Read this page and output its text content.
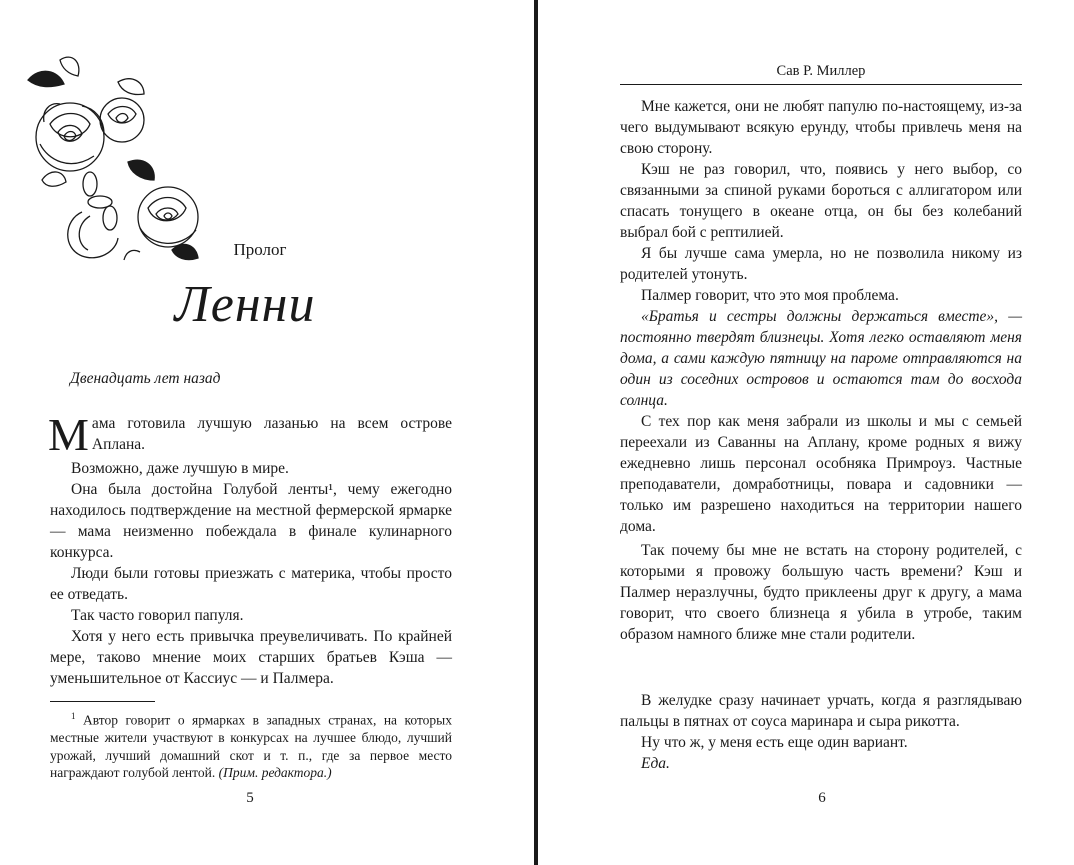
Пролог
Ленни
Двенадцать лет назад

Мама готовила лучшую лазанью на всем острове Аплана.

Возможно, даже лучшую в мире.

Она была достойна Голубой ленты¹, чему ежегодно находилось подтверждение на местной фермерской ярмарке — мама неизменно побеждала в финале кулинарного конкурса.

Люди были готовы приезжать с материка, чтобы просто ее отведать.

Так часто говорил папуля.

Хотя у него есть привычка преувеличивать. По крайней мере, таково мнение моих старших братьев Кэша — уменьшительное от Кассиус — и Палмера.

$^1$ Автор говорит о ярмарках в западных странах, на которых местные жители участвуют в конкурсах на лучшее блюдо, лучший урожай, лучший домашний скот и т. п., где за первое место награждают голубой лентой. (Прим. редактора.)

5
Сав Р. Миллер

Мне кажется, они не любят папулю по-настоящему, из-за чего выдумывают всякую ерунду, чтобы привлечь меня на свою сторону.

Кэш не раз говорил, что, появись у него выбор, со связанными за спиной руками бороться с аллигатором или спасать тонущего в океане отца, он бы без колебаний выбрал бой с рептилией.

Я бы лучше сама умерла, но не позволила никому из родителей утонуть.

Палмер говорит, что это моя проблема.

«Братья и сестры должны держаться вместе», — постоянно твердят близнецы. Хотя легко оставляют меня дома, а сами каждую пятницу на пароме отправляются на один из соседних островов и остаются там до восхода солнца.

С тех пор как меня забрали из школы и мы с семьей переехали из Саванны на Аплану, кроме родных я вижу ежедневно лишь персонал особняка Примроуз. Частные преподаватели, домработницы, повара и садовники — только им разрешено находиться на территории нашего дома.

Так почему бы мне не встать на сторону родителей, с которыми я провожу большую часть времени? Кэш и Палмер неразлучны, будто приклеены друг к другу, а мама говорит, что своего близнеца я убила в утробе, таким образом намного ближе мне стали родители.

В желудке сразу начинает урчать, когда я разглядываю пальцы в пятнах от соуса маринара и сыра рикотта.

Ну что ж, у меня есть еще один вариант.

Еда.

6
